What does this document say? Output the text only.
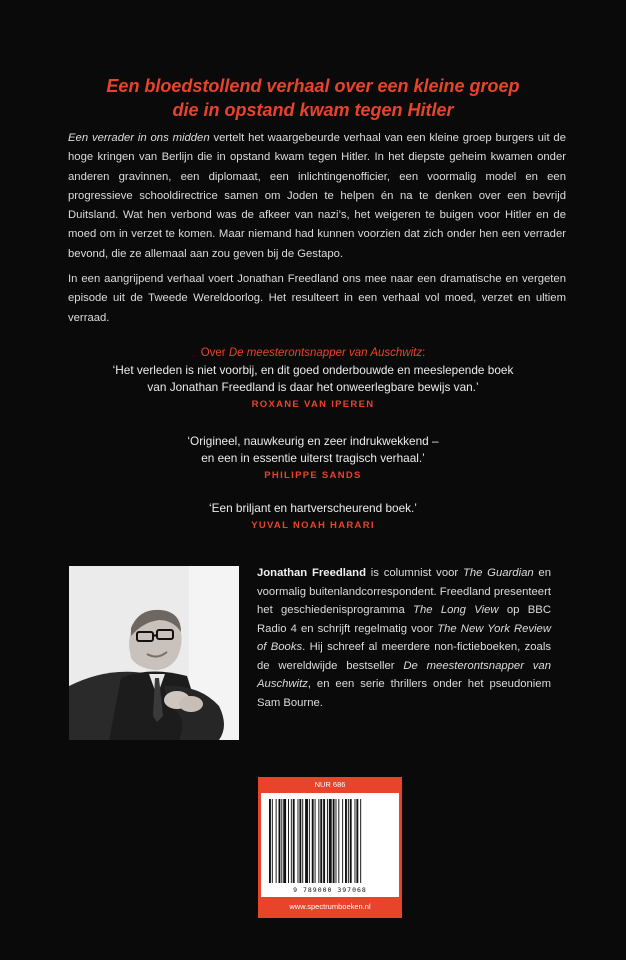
Een bloedstollend verhaal over een kleine groep
die in opstand kwam tegen Hitler
Een verrader in ons midden vertelt het waargebeurde verhaal van een kleine groep burgers uit de hoge kringen van Berlijn die in opstand kwam tegen Hitler. In het diepste geheim kwamen onder anderen gravinnen, een diplomaat, een inlichtingenofficier, een voormalig model en een progressieve schooldirectrice samen om Joden te helpen én na te denken over een bevrijd Duitsland. Wat hen verbond was de afkeer van nazi’s, het weigeren te buigen voor Hitler en de moed om in verzet te komen. Maar niemand had kunnen voorzien dat zich onder hen een verrader bevond, die ze allemaal aan zou geven bij de Gestapo.
In een aangrijpend verhaal voert Jonathan Freedland ons mee naar een dramatische en vergeten episode uit de Tweede Wereldoorlog. Het resulteert in een verhaal vol moed, verzet en ultiem verraad.
Over De meesterontsnapper van Auschwitz:
‘Het verleden is niet voorbij, en dit goed onderbouwde en meeslepende boek
van Jonathan Freedland is daar het onweerlegbare bewijs van.’
ROXANE VAN IPEREN
‘Origineel, nauwkeurig en zeer indrukwekkend –
en een in essentie uiterst tragisch verhaal.’
PHILIPPE SANDS
‘Een briljant en hartverscheurend boek.’
YUVAL NOAH HARARI
Jonathan Freedland is columnist voor The Guardian en voormalig buitenlandcorrespondent. Freedland presenteert het geschiedenisprogramma The Long View op BBC Radio 4 en schrijft regelmatig voor The New York Review of Books. Hij schreef al meerdere non-fictieboeken, zoals de wereldwijde bestseller De meesterontsnapper van Auschwitz, en een serie thrillers onder het pseudoniem Sam Bourne.
NUR 686
9 789000 397068
www.spectrumboeken.nl
